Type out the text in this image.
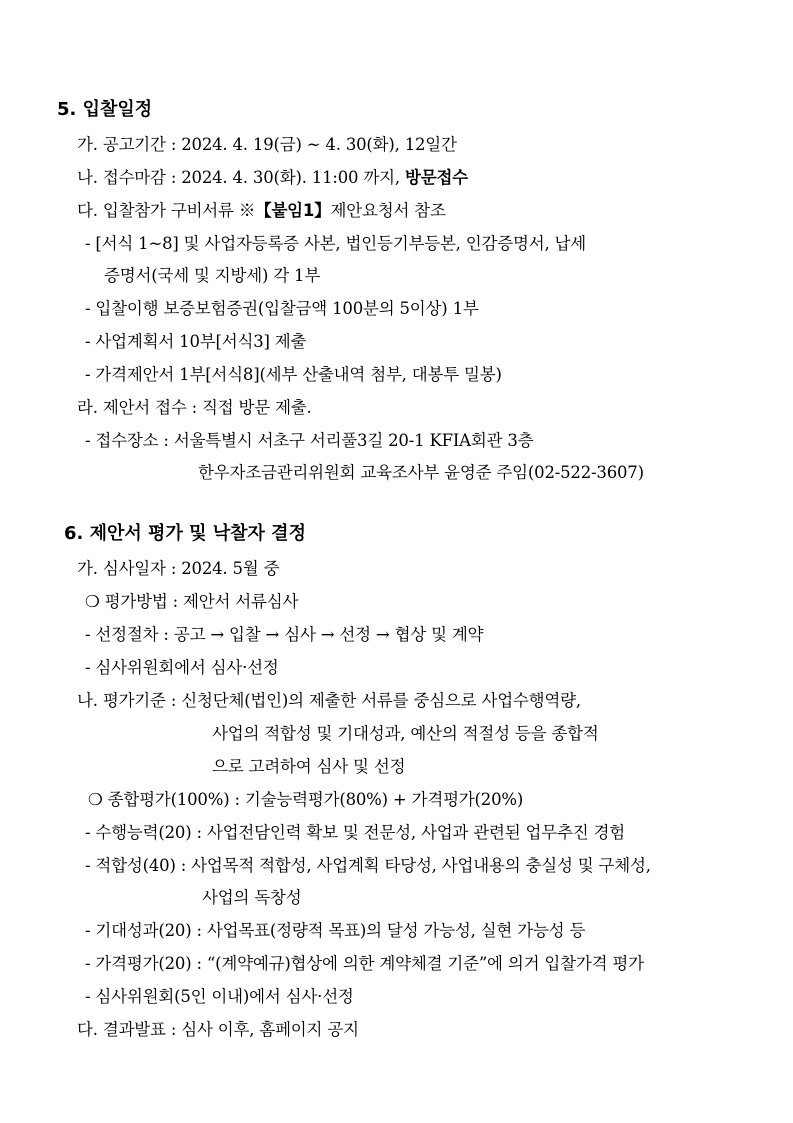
5. 입찰일정
가. 공고기간 : 2024. 4. 19(금) ~ 4. 30(화), 12일간
나. 접수마감 : 2024. 4. 30(화). 11:00 까지, 방문접수
다. 입찰참가 구비서류 ※【붙임1】제안요청서 참조
- [서식 1~8] 및 사업자등록증 사본, 법인등기부등본, 인감증명서, 납세
증명서(국세 및 지방세) 각 1부
- 입찰이행 보증보험증권(입찰금액 100분의 5이상) 1부
- 사업계획서 10부[서식3] 제출
- 가격제안서 1부[서식8](세부 산출내역 첨부, 대봉투 밀봉)
라. 제안서 접수 : 직접 방문 제출.
- 접수장소 : 서울특별시 서초구 서리풀3길 20-1 KFIA회관 3층
한우자조금관리위원회 교육조사부 윤영준 주임(02-522-3607)
6. 제안서 평가 및 낙찰자 결정
가. 심사일자 : 2024. 5월 중
❍ 평가방법 : 제안서 서류심사
- 선정절차 : 공고 → 입찰 → 심사 → 선정 → 협상 및 계약
- 심사위원회에서 심사·선정
나. 평가기준 : 신청단체(법인)의 제출한 서류를 중심으로 사업수행역량,
사업의 적합성 및 기대성과, 예산의 적절성 등을 종합적
으로 고려하여 심사 및 선정
❍ 종합평가(100%) : 기술능력평가(80%) + 가격평가(20%)
- 수행능력(20) : 사업전담인력 확보 및 전문성, 사업과 관련된 업무추진 경험
- 적합성(40) : 사업목적 적합성, 사업계획 타당성, 사업내용의 충실성 및 구체성,
사업의 독창성
- 기대성과(20) : 사업목표(정량적 목표)의 달성 가능성, 실현 가능성 등
- 가격평가(20) : “(계약예규)협상에 의한 계약체결 기준”에 의거 입찰가격 평가
- 심사위원회(5인 이내)에서 심사·선정
다. 결과발표 : 심사 이후, 홈페이지 공지
